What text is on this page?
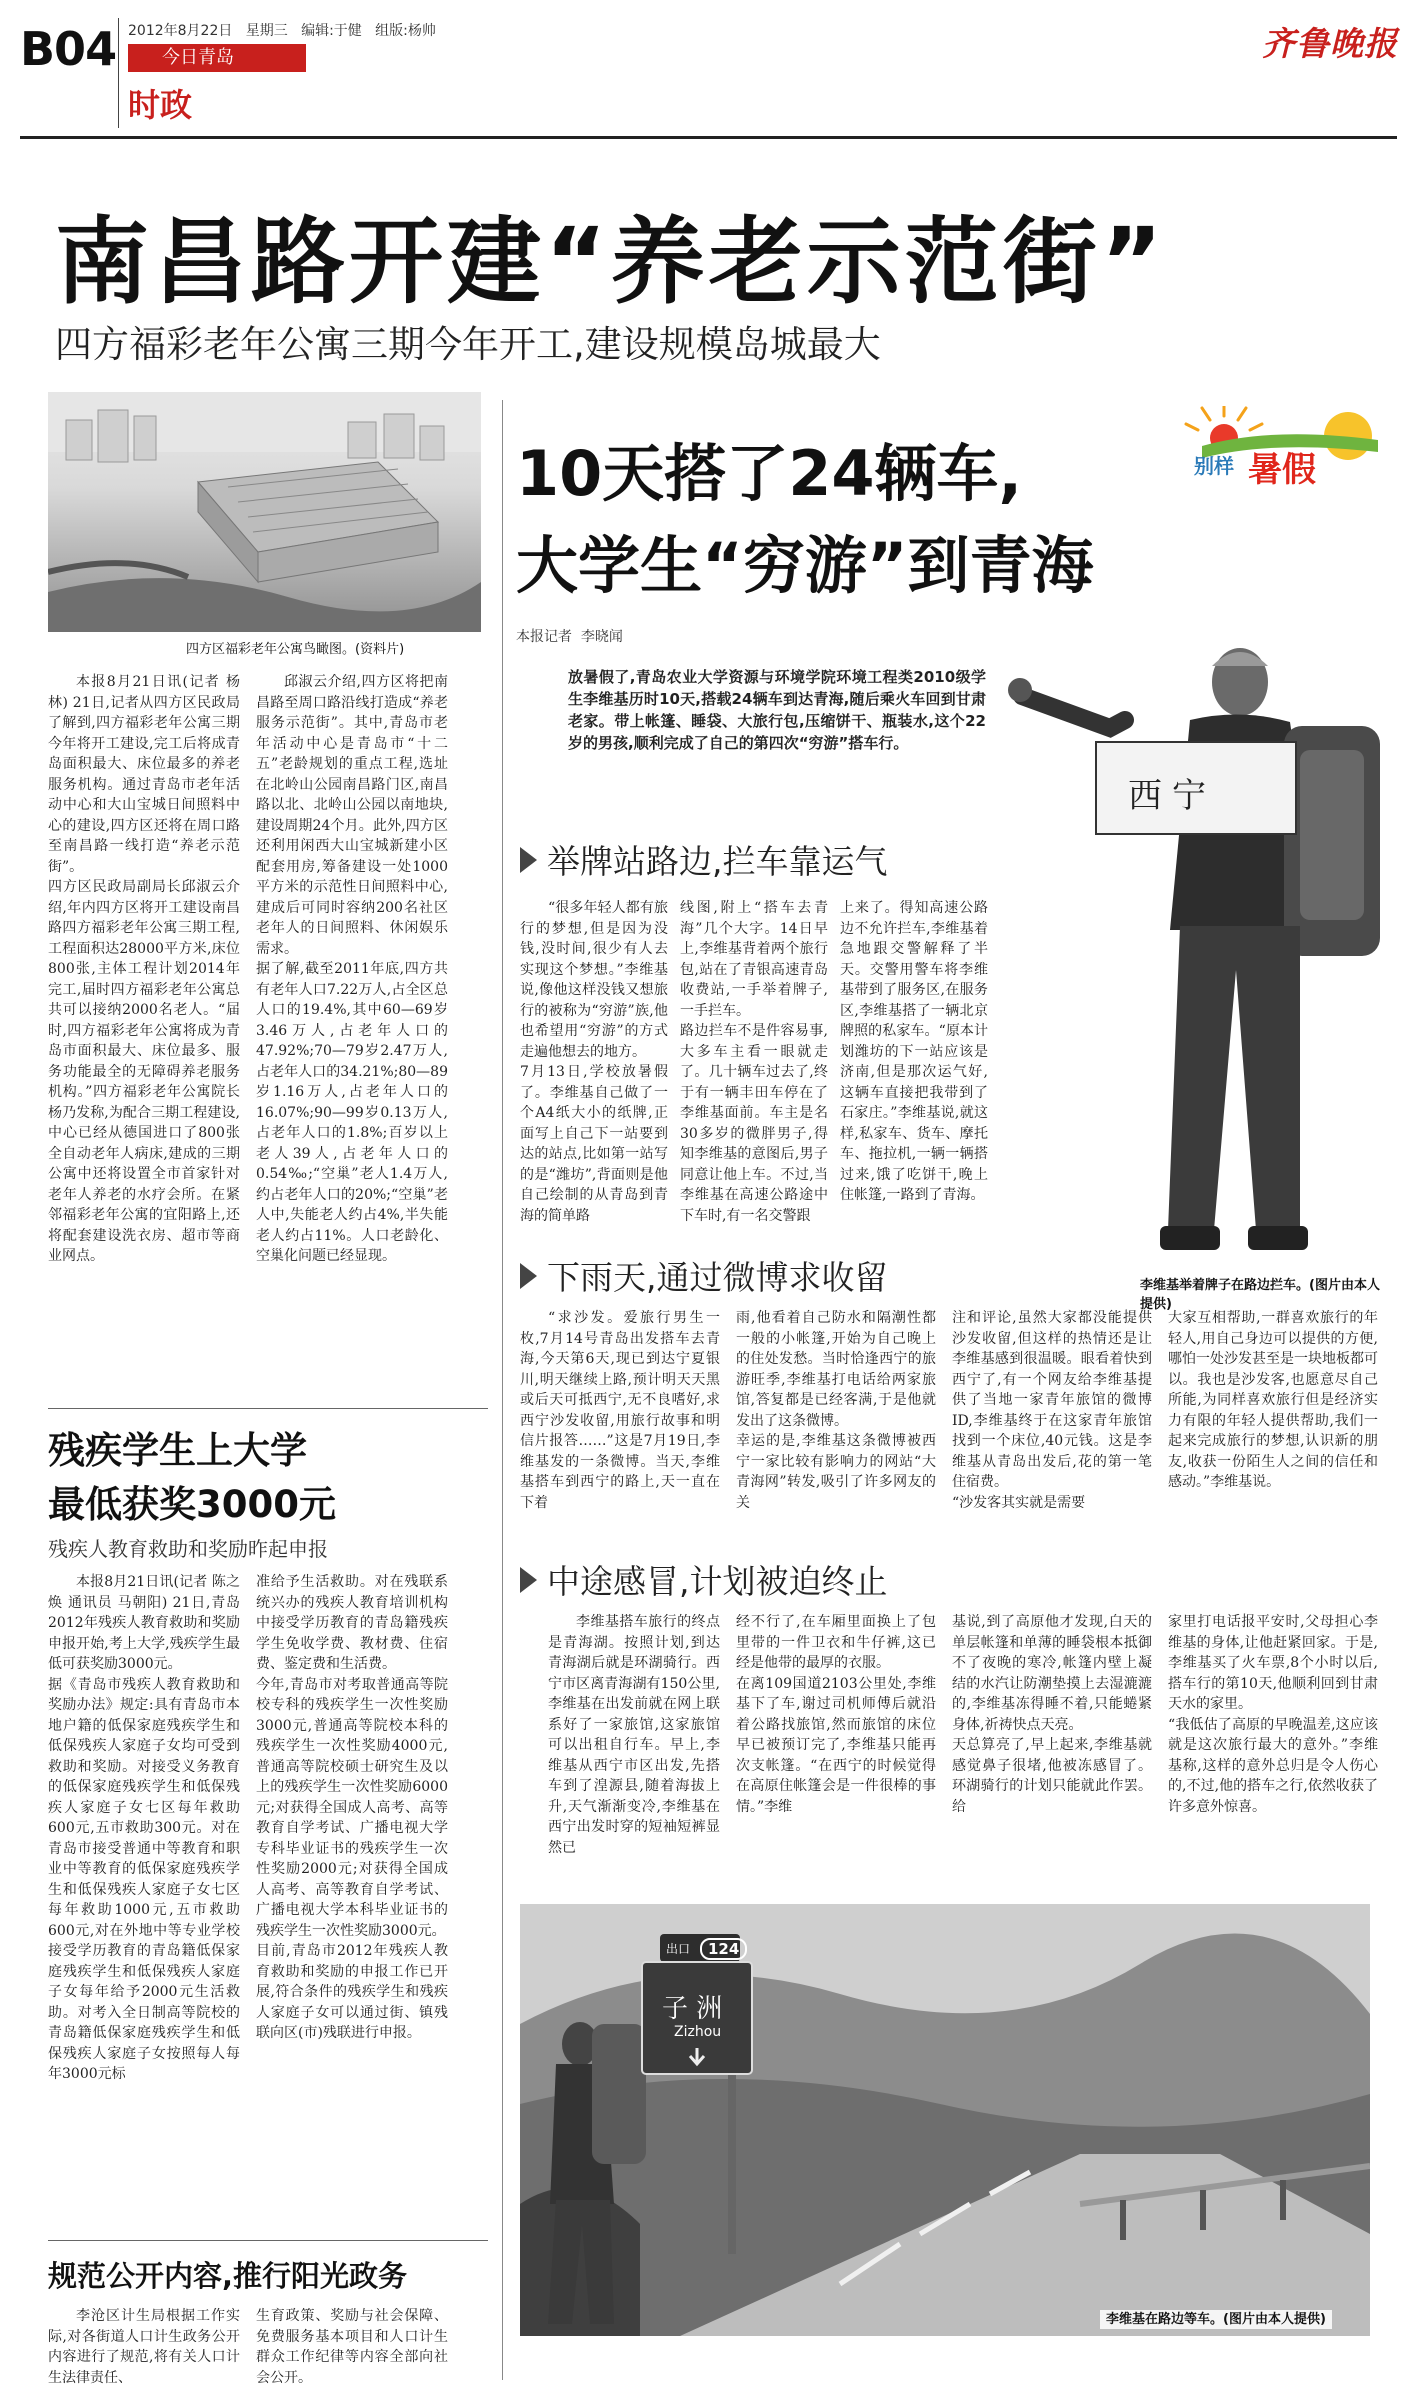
B04 2012年8月22日 星期三 编辑:于健 组版:杨帅
今日青岛
时政
齐鲁晚报
南昌路开建“养老示范街”
四方福彩老年公寓三期今年开工,建设规模岛城最大
四方区福彩老年公寓鸟瞰图。(资料片)
本报8月21日讯(记者 杨林) 21日,记者从四方区民政局了解到,四方福彩老年公寓三期今年将开工建设,完工后将成青岛面积最大、床位最多的养老服务机构。通过青岛市老年活动中心和大山宝城日间照料中心的建设,四方区还将在周口路至南昌路一线打造“养老示范街”。
四方区民政局副局长邱淑云介绍,年内四方区将开工建设南昌路四方福彩老年公寓三期工程,工程面积达28000平方米,床位800张,主体工程计划2014年完工,届时四方福彩老年公寓总共可以接纳2000名老人。“届时,四方福彩老年公寓将成为青岛市面积最大、床位最多、服务功能最全的无障碍养老服务机构。”四方福彩老年公寓院长杨乃发称,为配合三期工程建设,中心已经从德国进口了800张全自动老年人病床,建成的三期公寓中还将设置全市首家针对老年人养老的水疗会所。在紧邻福彩老年公寓的宜阳路上,还将配套建设洗衣房、超市等商业网点。
邱淑云介绍,四方区将把南昌路至周口路沿线打造成“养老服务示范街”。其中,青岛市老年活动中心是青岛市“十二五”老龄规划的重点工程,选址在北岭山公园南昌路门区,南昌路以北、北岭山公园以南地块,建设周期24个月。此外,四方区还利用闲西大山宝城新建小区配套用房,筹备建设一处1000平方米的示范性日间照料中心,建成后可同时容纳200名社区老年人的日间照料、休闲娱乐需求。
据了解,截至2011年底,四方共有老年人口7.22万人,占全区总人口的19.4%,其中60—69岁3.46万人,占老年人口的47.92%;70—79岁2.47万人,占老年人口的34.21%;80—89岁1.16万人,占老年人口的16.07%;90—99岁0.13万人,占老年人口的1.8%;百岁以上老人39人,占老年人口的0.54‰;“空巢”老人1.4万人,约占老年人口的20%;“空巢”老人中,失能老人约占4%,半失能老人约占11%。人口老龄化、空巢化问题已经显现。
残疾学生上大学
最低获奖3000元
残疾人教育救助和奖励昨起申报
本报8月21日讯(记者 陈之焕 通讯员 马朝阳) 21日,青岛2012年残疾人教育救助和奖励申报开始,考上大学,残疾学生最低可获奖励3000元。
据《青岛市残疾人教育救助和奖励办法》规定:具有青岛市本地户籍的低保家庭残疾学生和低保残疾人家庭子女均可受到救助和奖励。对接受义务教育的低保家庭残疾学生和低保残疾人家庭子女七区每年救助600元,五市救助300元。对在青岛市接受普通中等教育和职业中等教育的低保家庭残疾学生和低保残疾人家庭子女七区每年救助1000元,五市救助600元,对在外地中等专业学校接受学历教育的青岛籍低保家庭残疾学生和低保残疾人家庭子女每年给予2000元生活救助。对考入全日制高等院校的青岛籍低保家庭残疾学生和低保残疾人家庭子女按照每人每年3000元标
准给予生活救助。对在残联系统兴办的残疾人教育培训机构中接受学历教育的青岛籍残疾学生免收学费、教材费、住宿费、鉴定费和生活费。
今年,青岛市对考取普通高等院校专科的残疾学生一次性奖励3000元,普通高等院校本科的残疾学生一次性奖励4000元,普通高等院校硕士研究生及以上的残疾学生一次性奖励6000元;对获得全国成人高考、高等教育自学考试、广播电视大学专科毕业证书的残疾学生一次性奖励2000元;对获得全国成人高考、高等教育自学考试、广播电视大学本科毕业证书的残疾学生一次性奖励3000元。
目前,青岛市2012年残疾人教育救助和奖励的申报工作已开展,符合条件的残疾学生和残疾人家庭子女可以通过街、镇残联向区(市)残联进行申报。
规范公开内容,推行阳光政务
李沧区计生局根据工作实际,对各街道人口计生政务公开内容进行了规范,将有关人口计生法律责任、
生育政策、奖励与社会保障、免费服务基本项目和人口计生群众工作纪律等内容全部向社会公开。
10天搭了24辆车,
大学生“穷游”到青海
别样 暑假
本报记者  李晓闻
放暑假了,青岛农业大学资源与环境学院环境工程类2010级学生李维基历时10天,搭载24辆车到达青海,随后乘火车回到甘肃老家。带上帐篷、睡袋、大旅行包,压缩饼干、瓶装水,这个22岁的男孩,顺利完成了自己的第四次“穷游”搭车行。
西宁
李维基举着牌子在路边拦车。(图片由本人提供)
举牌站路边,拦车靠运气
“很多年轻人都有旅行的梦想,但是因为没钱,没时间,很少有人去实现这个梦想。”李维基说,像他这样没钱又想旅行的被称为“穷游”族,他也希望用“穷游”的方式走遍他想去的地方。
7月13日,学校放暑假了。李维基自己做了一个A4纸大小的纸牌,正面写上自己下一站要到达的站点,比如第一站写的是“潍坊”,背面则是他自己绘制的从青岛到青海的简单路
线图,附上“搭车去青海”几个大字。14日早上,李维基背着两个旅行包,站在了青银高速青岛收费站,一手举着牌子,一手拦车。
路边拦车不是件容易事,大多车主看一眼就走了。几十辆车过去了,终于有一辆丰田车停在了李维基面前。车主是名30多岁的微胖男子,得知李维基的意图后,男子同意让他上车。不过,当李维基在高速公路途中下车时,有一名交警跟
上来了。得知高速公路边不允许拦车,李维基着急地跟交警解释了半天。交警用警车将李维基带到了服务区,在服务区,李维基搭了一辆北京牌照的私家车。“原本计划潍坊的下一站应该是济南,但是那次运气好,这辆车直接把我带到了石家庄。”李维基说,就这样,私家车、货车、摩托车、拖拉机,一辆一辆搭过来,饿了吃饼干,晚上住帐篷,一路到了青海。
下雨天,通过微博求收留
“求沙发。爱旅行男生一枚,7月14号青岛出发搭车去青海,今天第6天,现已到达宁夏银川,明天继续上路,预计明天天黑或后天可抵西宁,无不良嗜好,求西宁沙发收留,用旅行故事和明信片报答……”这是7月19日,李维基发的一条微博。当天,李维基搭车到西宁的路上,天一直在下着
雨,他看着自己防水和隔潮性都一般的小帐篷,开始为自己晚上的住处发愁。当时恰逢西宁的旅游旺季,李维基打电话给两家旅馆,答复都是已经客满,于是他就发出了这条微博。
幸运的是,李维基这条微博被西宁一家比较有影响力的网站“大青海网”转发,吸引了许多网友的关
注和评论,虽然大家都没能提供沙发收留,但这样的热情还是让李维基感到很温暖。眼看着快到西宁了,有一个网友给李维基提供了当地一家青年旅馆的微博ID,李维基终于在这家青年旅馆找到一个床位,40元钱。这是李维基从青岛出发后,花的第一笔住宿费。
“沙发客其实就是需要
大家互相帮助,一群喜欢旅行的年轻人,用自己身边可以提供的方便,哪怕一处沙发甚至是一块地板都可以。我也是沙发客,也愿意尽自己所能,为同样喜欢旅行但是经济实力有限的年轻人提供帮助,我们一起来完成旅行的梦想,认识新的朋友,收获一份陌生人之间的信任和感动。”李维基说。
中途感冒,计划被迫终止
李维基搭车旅行的终点是青海湖。按照计划,到达青海湖后就是环湖骑行。西宁市区离青海湖有150公里,李维基在出发前就在网上联系好了一家旅馆,这家旅馆可以出租自行车。早上,李维基从西宁市区出发,先搭车到了湟源县,随着海拔上升,天气渐渐变冷,李维基在西宁出发时穿的短袖短裤显然已
经不行了,在车厢里面换上了包里带的一件卫衣和牛仔裤,这已经是他带的最厚的衣服。
在离109国道2103公里处,李维基下了车,谢过司机师傅后就沿着公路找旅馆,然而旅馆的床位早已被预订完了,李维基只能再次支帐篷。“在西宁的时候觉得在高原住帐篷会是一件很棒的事情。”李维
基说,到了高原他才发现,白天的单层帐篷和单薄的睡袋根本抵御不了夜晚的寒冷,帐篷内壁上凝结的水汽让防潮垫摸上去湿漉漉的,李维基冻得睡不着,只能蜷紧身体,祈祷快点天亮。
天总算亮了,早上起来,李维基就感觉鼻子很堵,他被冻感冒了。环湖骑行的计划只能就此作罢。给
家里打电话报平安时,父母担心李维基的身体,让他赶紧回家。于是,李维基买了火车票,8个小时以后,搭车行的第10天,他顺利回到甘肃天水的家里。
“我低估了高原的早晚温差,这应该就是这次旅行最大的意外。”李维基称,这样的意外总归是令人伤心的,不过,他的搭车之行,依然收获了许多意外惊喜。
出口	124
子 洲
Zizhou
李维基在路边等车。(图片由本人提供)
